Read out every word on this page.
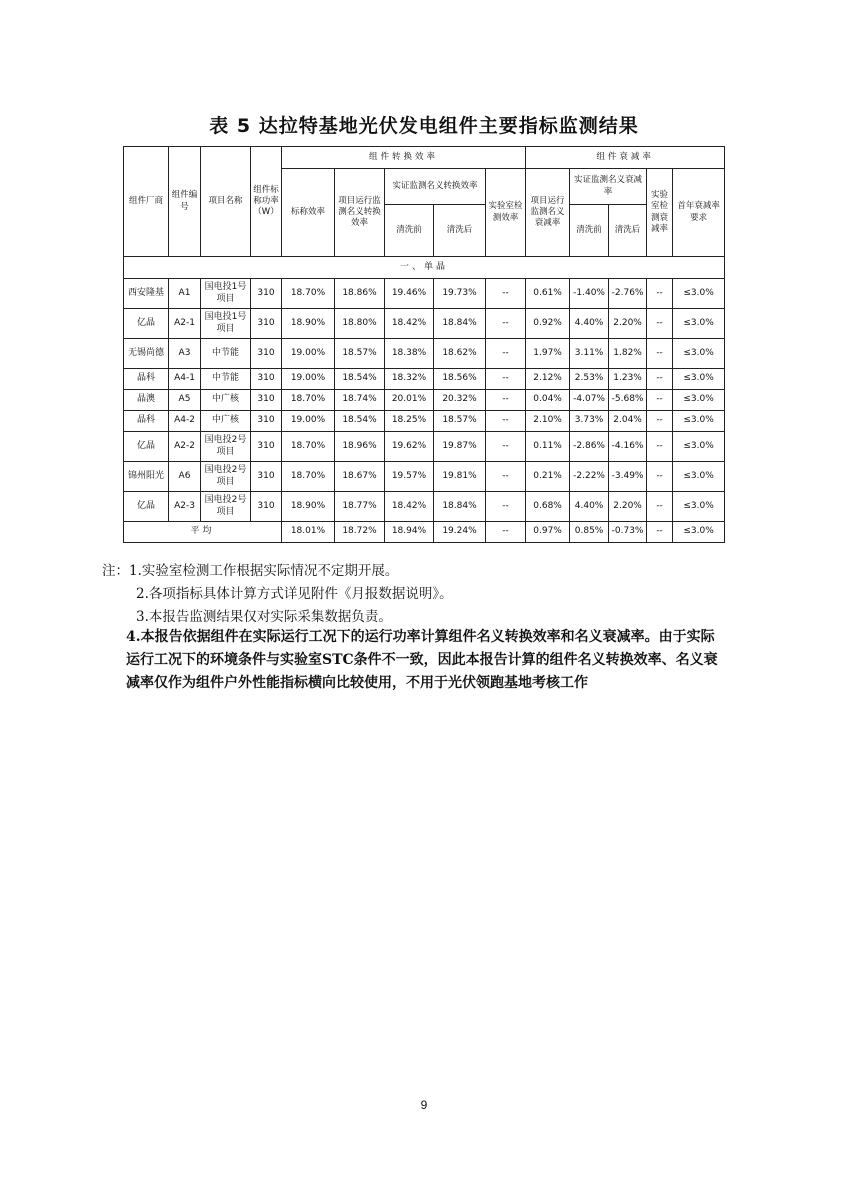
表 5 达拉特基地光伏发电组件主要指标监测结果
组件厂商	组件编号	项目名称	组件标称功率（W）	组件转换效率					组件衰减率				
				标称效率	项目运行监测名义转换效率	实证监测名义转换效率		实验室检测效率	项目运行监测名义衰减率	实证监测名义衰减率		实验室检测衰减率	首年衰减率要求
						清洗前	清洗后			清洗前	清洗后		
一、单晶													
西安隆基	A1	国电投1号项目	310	18.70%	18.86%	19.46%	19.73%	--	0.61%	-1.40%	-2.76%	--	≤3.0%
亿晶	A2-1	国电投1号项目	310	18.90%	18.80%	18.42%	18.84%	--	0.92%	4.40%	2.20%	--	≤3.0%
无锡尚德	A3	中节能	310	19.00%	18.57%	18.38%	18.62%	--	1.97%	3.11%	1.82%	--	≤3.0%
晶科	A4-1	中节能	310	19.00%	18.54%	18.32%	18.56%	--	2.12%	2.53%	1.23%	--	≤3.0%
晶澳	A5	中广核	310	18.70%	18.74%	20.01%	20.32%	--	0.04%	-4.07%	-5.68%	--	≤3.0%
晶科	A4-2	中广核	310	19.00%	18.54%	18.25%	18.57%	--	2.10%	3.73%	2.04%	--	≤3.0%
亿晶	A2-2	国电投2号项目	310	18.70%	18.96%	19.62%	19.87%	--	0.11%	-2.86%	-4.16%	--	≤3.0%
锦州阳光	A6	国电投2号项目	310	18.70%	18.67%	19.57%	19.81%	--	0.21%	-2.22%	-3.49%	--	≤3.0%
亿晶	A2-3	国电投2号项目	310	18.90%	18.77%	18.42%	18.84%	--	0.68%	4.40%	2.20%	--	≤3.0%
平均				18.01%	18.72%	18.94%	19.24%	--	0.97%	0.85%	-0.73%	--	≤3.0%
注：1.实验室检测工作根据实际情况不定期开展。
2.各项指标具体计算方式详见附件《月报数据说明》。
3.本报告监测结果仅对实际采集数据负责。
4.本报告依据组件在实际运行工况下的运行功率计算组件名义转换效率和名义衰减率。由于实际运行工况下的环境条件与实验室STC条件不一致，因此本报告计算的组件名义转换效率、名义衰减率仅作为组件户外性能指标横向比较使用，不用于光伏领跑基地考核工作
9
